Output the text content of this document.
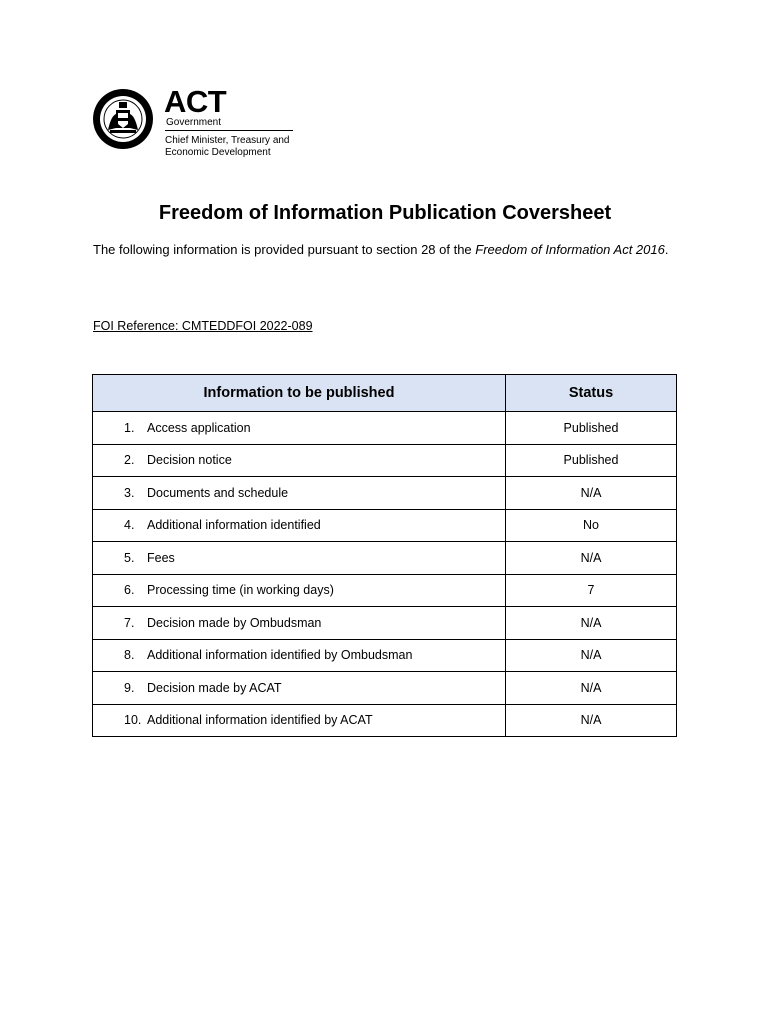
ACT
Government
Chief Minister, Treasury and
Economic Development
Freedom of Information Publication Coversheet
The following information is provided pursuant to section 28 of the Freedom of Information Act 2016.
FOI Reference: CMTEDDFOI 2022-089
Information to be published	Status
1. Access application	Published
2. Decision notice	Published
3. Documents and schedule	N/A
4. Additional information identified	No
5. Fees	N/A
6. Processing time (in working days)	7
7. Decision made by Ombudsman	N/A
8. Additional information identified by Ombudsman	N/A
9. Decision made by ACAT	N/A
10. Additional information identified by ACAT	N/A
